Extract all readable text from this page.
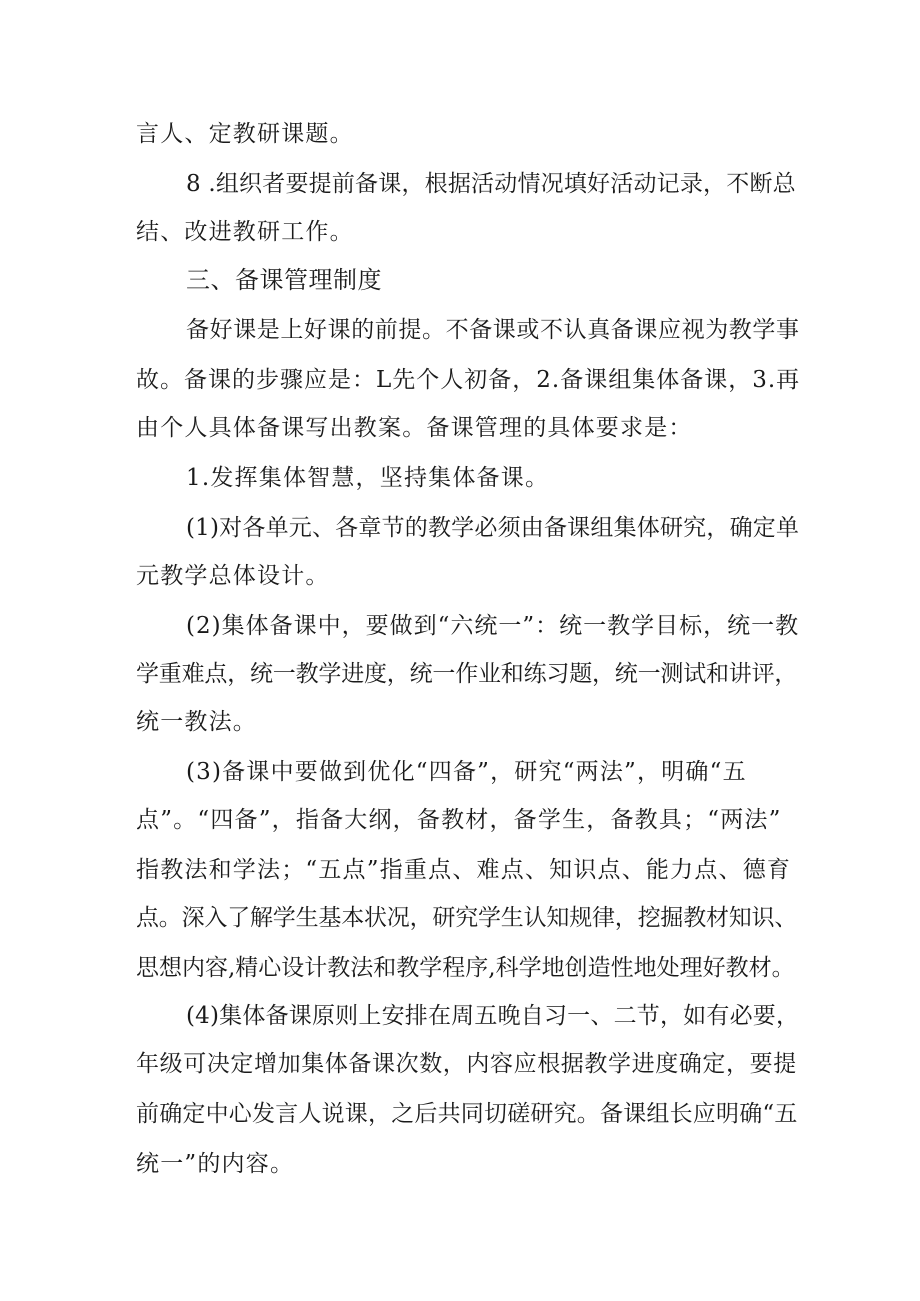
言人、定教研课题。
8 .组织者要提前备课，根据活动情况填好活动记录，不断总
结、改进教研工作。
三、备课管理制度
备好课是上好课的前提。不备课或不认真备课应视为教学事
故。备课的步骤应是：L先个人初备，2.备课组集体备课，3.再
由个人具体备课写出教案。备课管理的具体要求是：
1.发挥集体智慧，坚持集体备课。
(1)对各单元、各章节的教学必须由备课组集体研究，确定单
元教学总体设计。
(2)集体备课中，要做到“六统一”：统一教学目标，统一教
学重难点，统一教学进度，统一作业和练习题，统一测试和讲评，
统一教法。
(3)备课中要做到优化“四备”，研究“两法”，明确“五
点”。“四备”，指备大纲，备教材，备学生，备教具；“两法”
指教法和学法；“五点”指重点、难点、知识点、能力点、德育
点。深入了解学生基本状况，研究学生认知规律，挖掘教材知识、
思想内容,精心设计教法和教学程序,科学地创造性地处理好教材。
(4)集体备课原则上安排在周五晚自习一、二节，如有必要，
年级可决定增加集体备课次数，内容应根据教学进度确定，要提
前确定中心发言人说课，之后共同切磋研究。备课组长应明确“五
统一”的内容。
